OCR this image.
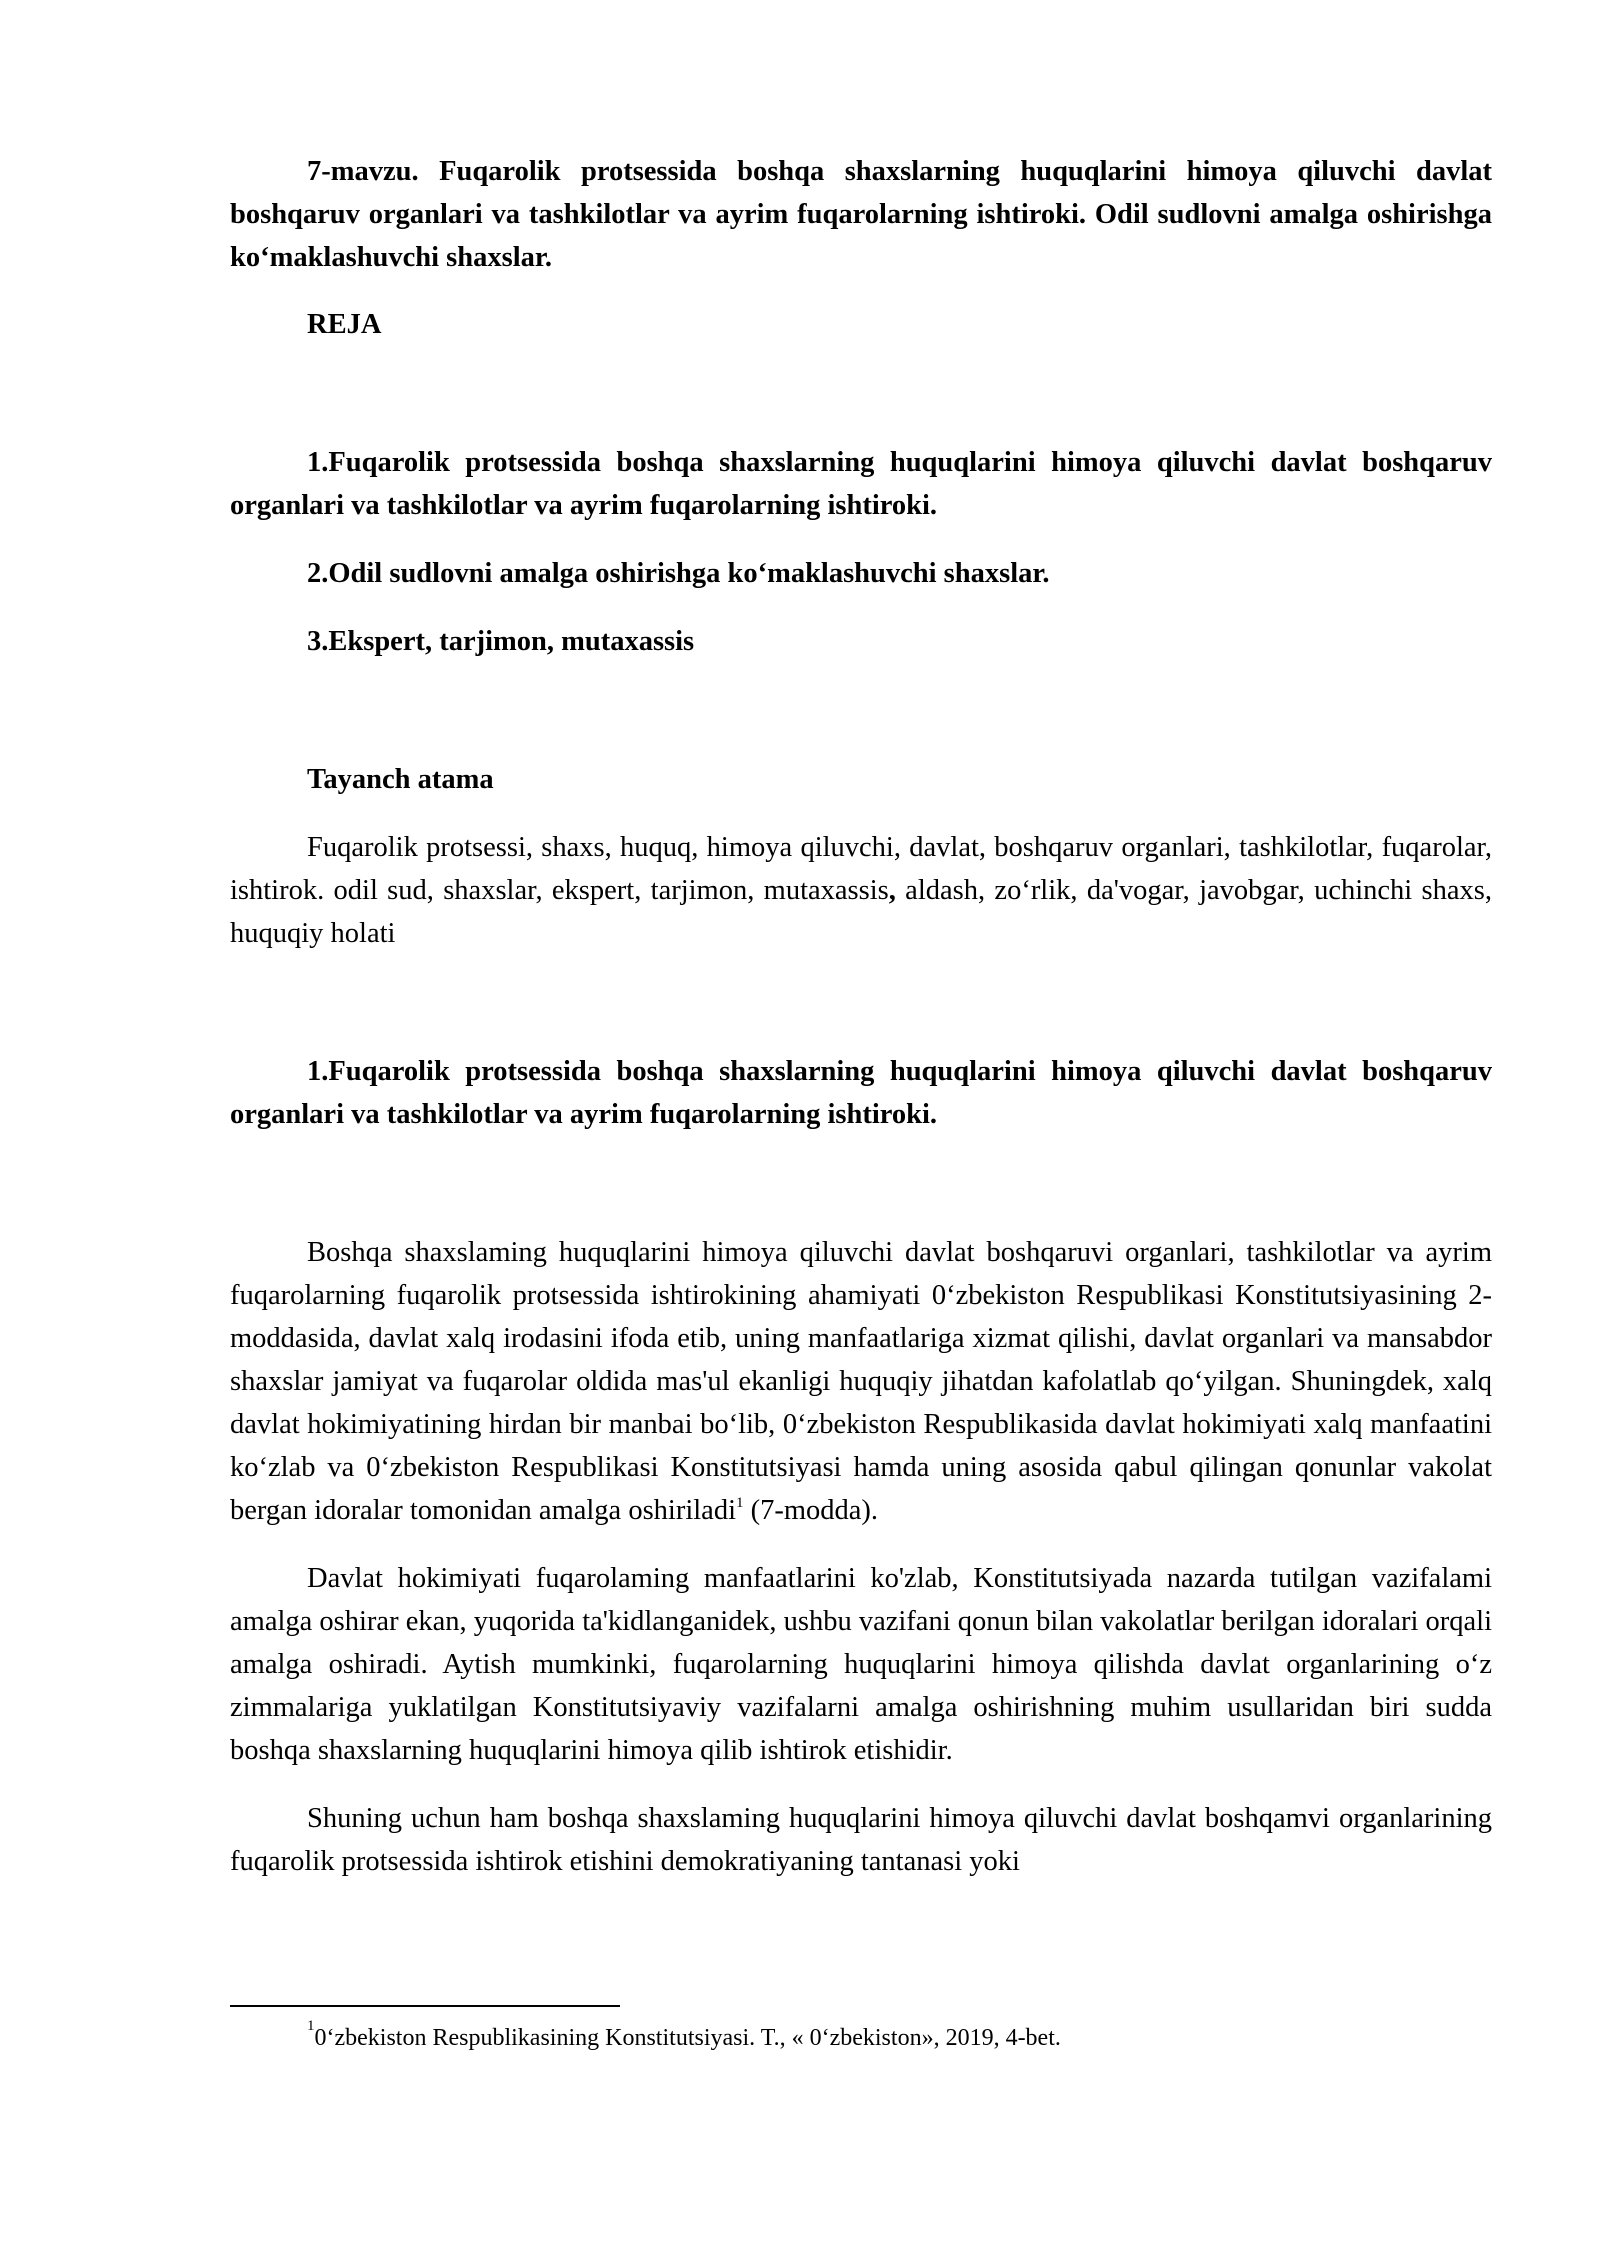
7-mavzu. Fuqarolik protsessida boshqa shaxslarning huquqlarini himoya qiluvchi davlat boshqaruv organlari va tashkilotlar va ayrim fuqarolarning ishtiroki. Odil sudlovni amalga oshirishga ko‘maklashuvchi shaxslar.

REJA

1.Fuqarolik protsessida boshqa shaxslarning huquqlarini himoya qiluvchi davlat boshqaruv organlari va tashkilotlar va ayrim fuqarolarning ishtiroki.

2.Odil sudlovni amalga oshirishga ko‘maklashuvchi shaxslar.

3.Ekspert, tarjimon, mutaxassis

Tayanch atama

Fuqarolik protsessi, shaxs, huquq, himoya qiluvchi, davlat, boshqaruv organlari, tashkilotlar, fuqarolar, ishtirok. odil sud, shaxslar, ekspert, tarjimon, mutaxassis, aldash, zo‘rlik, da'vogar, javobgar, uchinchi shaxs, huquqiy holati

1.Fuqarolik protsessida boshqa shaxslarning huquqlarini himoya qiluvchi davlat boshqaruv organlari va tashkilotlar va ayrim fuqarolarning ishtiroki.

Boshqa shaxslaming huquqlarini himoya qiluvchi davlat boshqaruvi organlari, tashkilotlar va ayrim fuqarolarning fuqarolik protsessida ishtirokining ahamiyati 0‘zbekiston Respublikasi Konstitutsiyasining 2-moddasida, davlat xalq irodasini ifoda etib, uning manfaatlariga xizmat qilishi, davlat organlari va mansabdor shaxslar jamiyat va fuqarolar oldida mas'ul ekanligi huquqiy jihatdan kafolatlab qo‘yilgan. Shuningdek, xalq davlat hokimiyatining hirdan bir manbai bo‘lib, 0‘zbekiston Respublikasida davlat hokimiyati xalq manfaatini ko‘zlab va 0‘zbekiston Respublikasi Konstitutsiyasi hamda uning asosida qabul qilingan qonunlar vakolat bergan idoralar tomonidan amalga oshiriladi$^1$ (7-modda).

Davlat hokimiyati fuqarolaming manfaatlarini ko'zlab, Konstitutsiyada nazarda tutilgan vazifalami amalga oshirar ekan, yuqorida ta'kidlanganidek, ushbu vazifani qonun bilan vakolatlar berilgan idoralari orqali amalga oshiradi. Aytish mumkinki, fuqarolarning huquqlarini himoya qilishda davlat organlarining o‘z zimmalariga yuklatilgan Konstitutsiyaviy vazifalarni amalga oshirishning muhim usullaridan biri sudda boshqa shaxslarning huquqlarini himoya qilib ishtirok etishidir.

Shuning uchun ham boshqa shaxslaming huquqlarini himoya qiluvchi davlat boshqamvi organlarining fuqarolik protsessida ishtirok etishini demokratiyaning tantanasi yoki

$^1$0‘zbekiston Respublikasining Konstitutsiyasi. T., « 0‘zbekiston», 2019, 4-bet.
